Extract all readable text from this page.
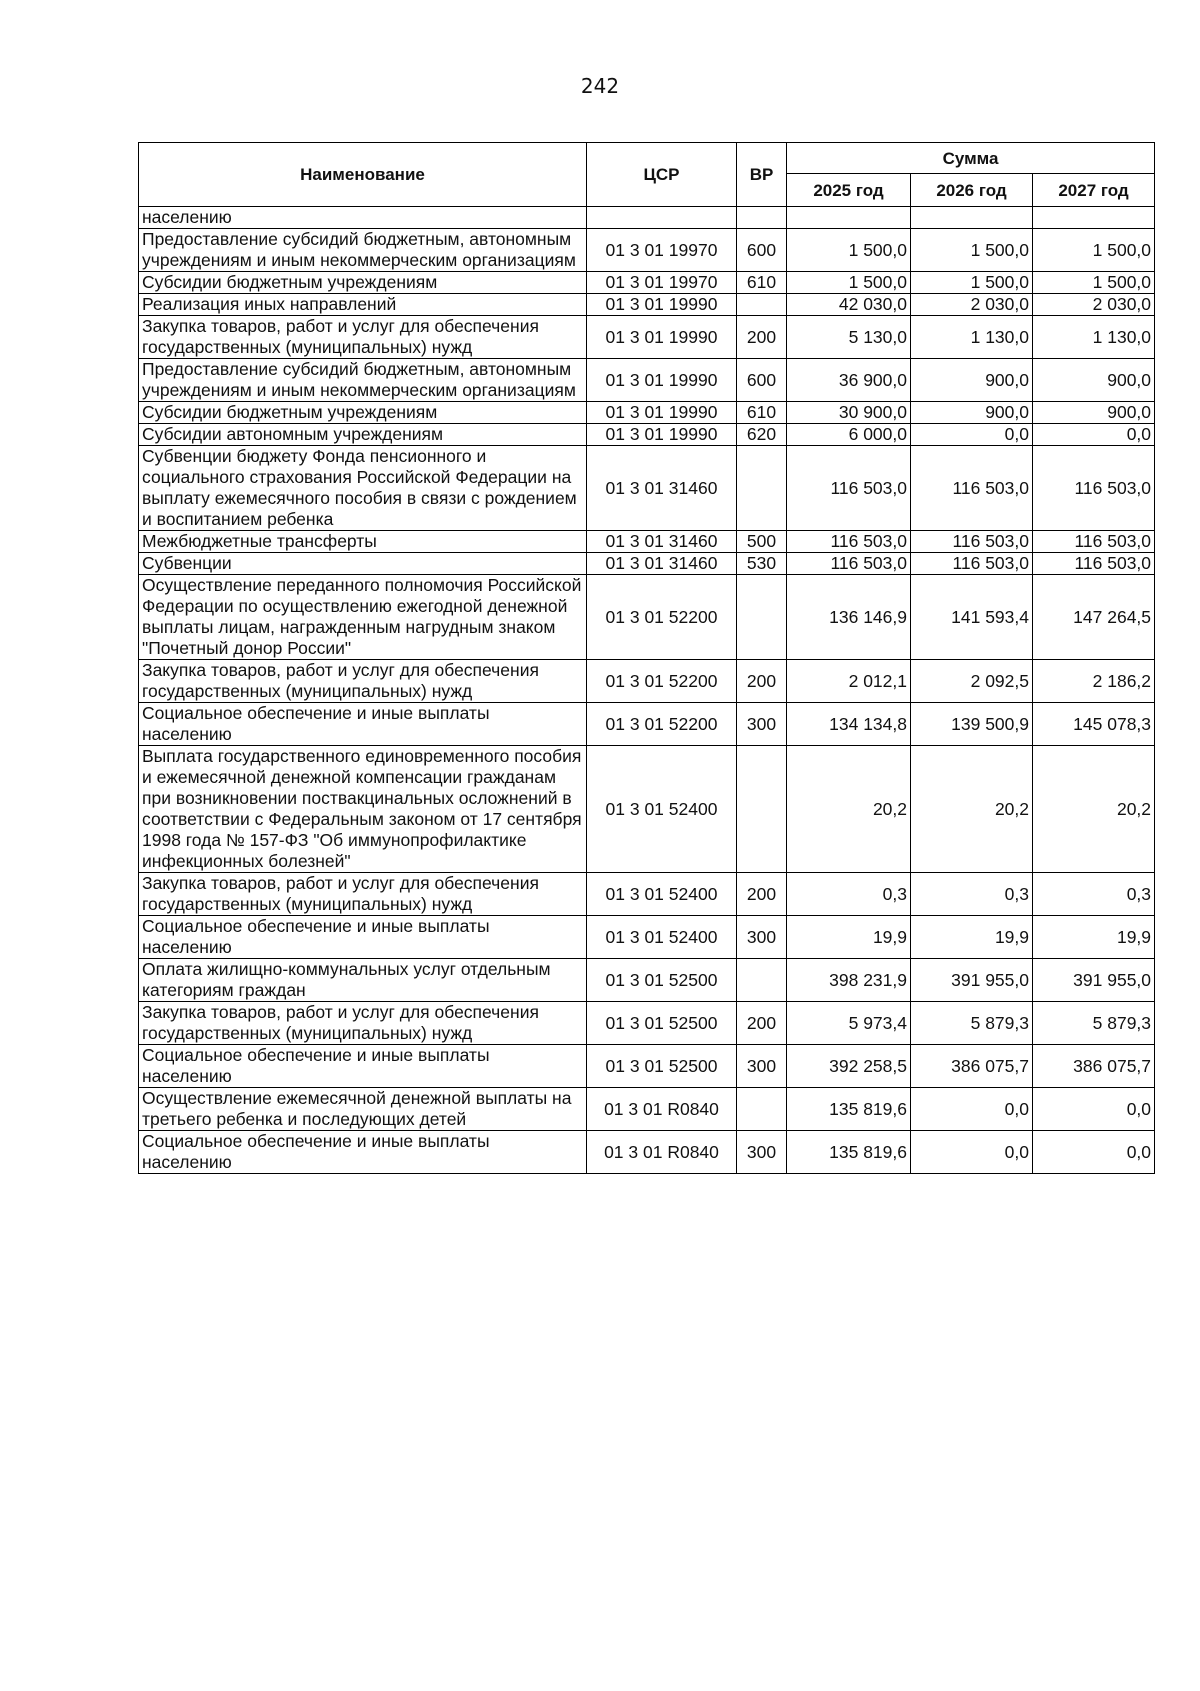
242
Наименование	ЦСР	ВР	Сумма		
			2025 год	2026 год	2027 год
населению					
Предоставление субсидий бюджетным, автономным учреждениям и иным некоммерческим организациям	01 3 01 19970	600	1 500,0	1 500,0	1 500,0
Субсидии бюджетным учреждениям	01 3 01 19970	610	1 500,0	1 500,0	1 500,0
Реализация иных направлений	01 3 01 19990		42 030,0	2 030,0	2 030,0
Закупка товаров, работ и услуг для обеспечения государственных (муниципальных) нужд	01 3 01 19990	200	5 130,0	1 130,0	1 130,0
Предоставление субсидий бюджетным, автономным учреждениям и иным некоммерческим организациям	01 3 01 19990	600	36 900,0	900,0	900,0
Субсидии бюджетным учреждениям	01 3 01 19990	610	30 900,0	900,0	900,0
Субсидии автономным учреждениям	01 3 01 19990	620	6 000,0	0,0	0,0
Субвенции бюджету Фонда пенсионного и социального страхования Российской Федерации на выплату ежемесячного пособия в связи с рождением и воспитанием ребенка	01 3 01 31460		116 503,0	116 503,0	116 503,0
Межбюджетные трансферты	01 3 01 31460	500	116 503,0	116 503,0	116 503,0
Субвенции	01 3 01 31460	530	116 503,0	116 503,0	116 503,0
Осуществление переданного полномочия Российской Федерации по осуществлению ежегодной денежной выплаты лицам, награжденным нагрудным знаком "Почетный донор России"	01 3 01 52200		136 146,9	141 593,4	147 264,5
Закупка товаров, работ и услуг для обеспечения государственных (муниципальных) нужд	01 3 01 52200	200	2 012,1	2 092,5	2 186,2
Социальное обеспечение и иные выплаты населению	01 3 01 52200	300	134 134,8	139 500,9	145 078,3
Выплата государственного единовременного пособия и ежемесячной денежной компенсации гражданам при возникновении поствакцинальных осложнений в соответствии с Федеральным законом от 17 сентября 1998 года № 157-ФЗ "Об иммунопрофилактике инфекционных болезней"	01 3 01 52400		20,2	20,2	20,2
Закупка товаров, работ и услуг для обеспечения государственных (муниципальных) нужд	01 3 01 52400	200	0,3	0,3	0,3
Социальное обеспечение и иные выплаты населению	01 3 01 52400	300	19,9	19,9	19,9
Оплата жилищно-коммунальных услуг отдельным категориям граждан	01 3 01 52500		398 231,9	391 955,0	391 955,0
Закупка товаров, работ и услуг для обеспечения государственных (муниципальных) нужд	01 3 01 52500	200	5 973,4	5 879,3	5 879,3
Социальное обеспечение и иные выплаты населению	01 3 01 52500	300	392 258,5	386 075,7	386 075,7
Осуществление ежемесячной денежной выплаты на третьего ребенка и последующих детей	01 3 01 R0840		135 819,6	0,0	0,0
Социальное обеспечение и иные выплаты населению	01 3 01 R0840	300	135 819,6	0,0	0,0
